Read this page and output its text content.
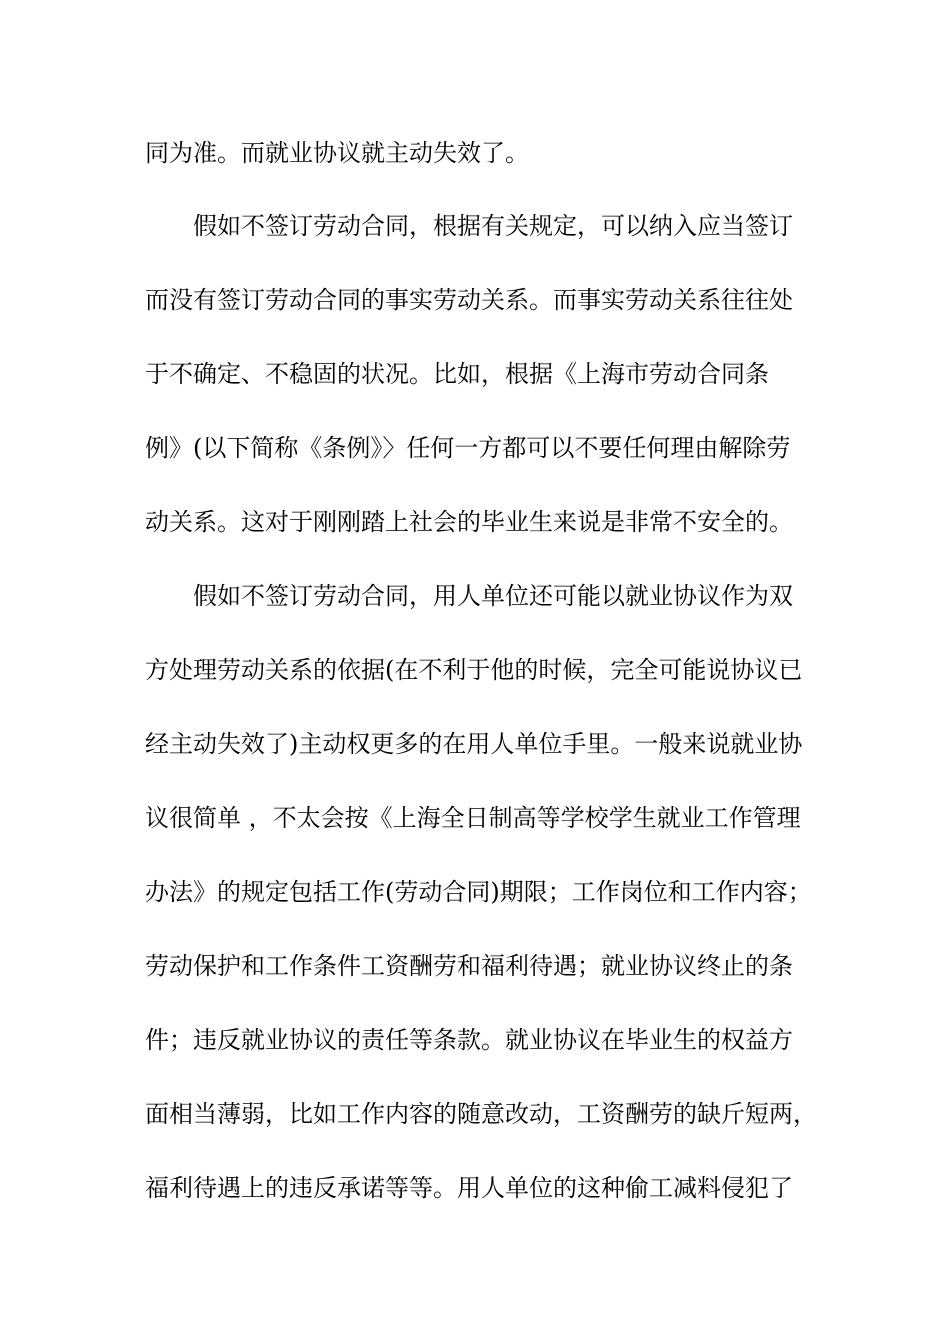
同为准。而就业协议就主动失效了。
假如不签订劳动合同，根据有关规定，可以纳入应当签订
而没有签订劳动合同的事实劳动关系。而事实劳动关系往往处
于不确定、不稳固的状况。比如，根据《上海市劳动合同条
例》(以下简称《条例》〉任何一方都可以不要任何理由解除劳
动关系。这对于刚刚踏上社会的毕业生来说是非常不安全的。
假如不签订劳动合同，用人单位还可能以就业协议作为双
方处理劳动关系的依据(在不利于他的时候，完全可能说协议已
经主动失效了)主动权更多的在用人单位手里。一般来说就业协
议很简单 ，不太会按《上海全日制高等学校学生就业工作管理
办法》的规定包括工作(劳动合同)期限；工作岗位和工作内容；
劳动保护和工作条件工资酬劳和福利待遇；就业协议终止的条
件；违反就业协议的责任等条款。就业协议在毕业生的权益方
面相当薄弱，比如工作内容的随意改动，工资酬劳的缺斤短两，
福利待遇上的违反承诺等等。用人单位的这种偷工减料侵犯了
